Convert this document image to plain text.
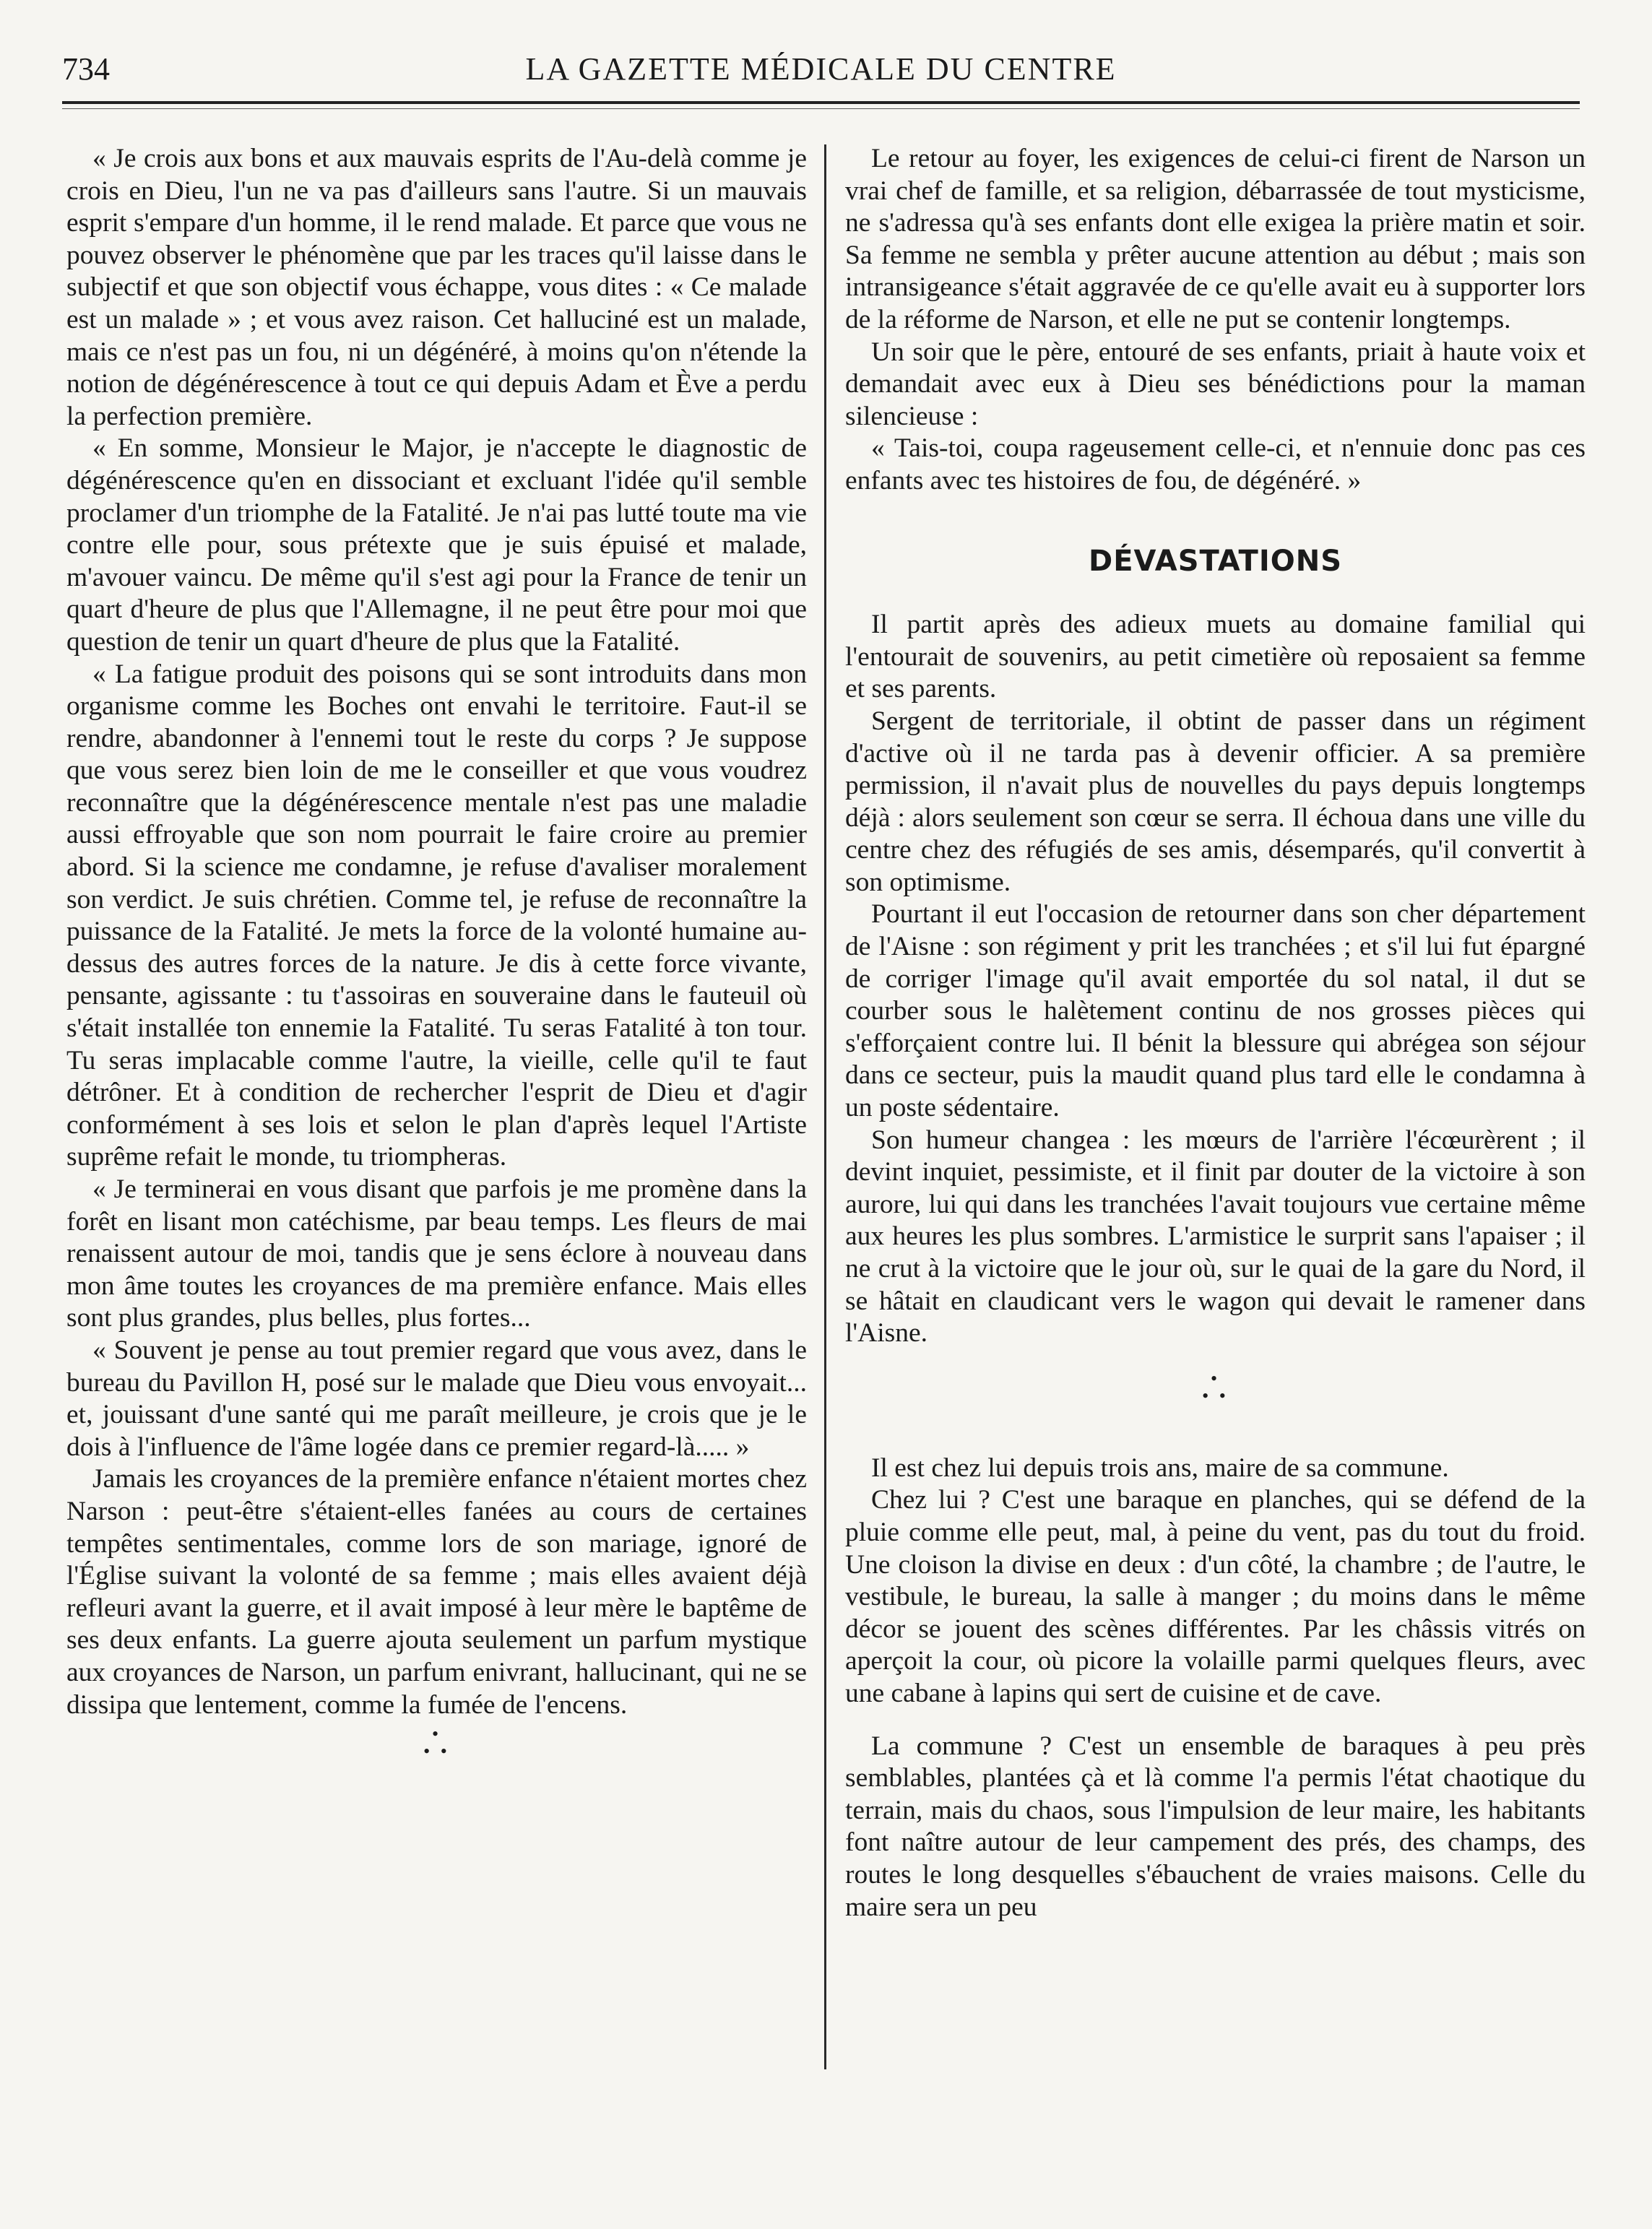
734	LA GAZETTE MÉDICALE DU CENTRE

« Je crois aux bons et aux mauvais esprits de l'Au-delà comme je crois en Dieu, l'un ne va pas d'ailleurs sans l'autre. Si un mauvais esprit s'empare d'un homme, il le rend malade. Et parce que vous ne pouvez observer le phénomène que par les traces qu'il laisse dans le subjectif et que son objectif vous échappe, vous dites : « Ce malade est un malade » ; et vous avez raison. Cet halluciné est un malade, mais ce n'est pas un fou, ni un dégénéré, à moins qu'on n'étende la notion de dégénérescence à tout ce qui depuis Adam et Ève a perdu la perfection première.

« En somme, Monsieur le Major, je n'accepte le diagnostic de dégénérescence qu'en en dissociant et excluant l'idée qu'il semble proclamer d'un triomphe de la Fatalité. Je n'ai pas lutté toute ma vie contre elle pour, sous prétexte que je suis épuisé et malade, m'avouer vaincu. De même qu'il s'est agi pour la France de tenir un quart d'heure de plus que l'Allemagne, il ne peut être pour moi que question de tenir un quart d'heure de plus que la Fatalité.

« La fatigue produit des poisons qui se sont introduits dans mon organisme comme les Boches ont envahi le territoire. Faut-il se rendre, abandonner à l'ennemi tout le reste du corps ? Je suppose que vous serez bien loin de me le conseiller et que vous voudrez reconnaître que la dégénérescence mentale n'est pas une maladie aussi effroyable que son nom pourrait le faire croire au premier abord. Si la science me condamne, je refuse d'avaliser moralement son verdict. Je suis chrétien. Comme tel, je refuse de reconnaître la puissance de la Fatalité. Je mets la force de la volonté humaine au-dessus des autres forces de la nature. Je dis à cette force vivante, pensante, agissante : tu t'assoiras en souveraine dans le fauteuil où s'était installée ton ennemie la Fatalité. Tu seras Fatalité à ton tour. Tu seras implacable comme l'autre, la vieille, celle qu'il te faut détrôner. Et à condition de rechercher l'esprit de Dieu et d'agir conformément à ses lois et selon le plan d'après lequel l'Artiste suprême refait le monde, tu triompheras.

« Je terminerai en vous disant que parfois je me promène dans la forêt en lisant mon catéchisme, par beau temps. Les fleurs de mai renaissent autour de moi, tandis que je sens éclore à nouveau dans mon âme toutes les croyances de ma première enfance. Mais elles sont plus grandes, plus belles, plus fortes...

« Souvent je pense au tout premier regard que vous avez, dans le bureau du Pavillon H, posé sur le malade que Dieu vous envoyait... et, jouissant d'une santé qui me paraît meilleure, je crois que je le dois à l'influence de l'âme logée dans ce premier regard-là..... »

Jamais les croyances de la première enfance n'étaient mortes chez Narson : peut-être s'étaient-elles fanées au cours de certaines tempêtes sentimentales, comme lors de son mariage, ignoré de l'Église suivant la volonté de sa femme ; mais elles avaient déjà refleuri avant la guerre, et il avait imposé à leur mère le baptême de ses deux enfants. La guerre ajouta seulement un parfum mystique aux croyances de Narson, un parfum enivrant, hallucinant, qui ne se dissipa que lentement, comme la fumée de l'encens.

•
• •

Le retour au foyer, les exigences de celui-ci firent de Narson un vrai chef de famille, et sa religion, débarrassée de tout mysticisme, ne s'adressa qu'à ses enfants dont elle exigea la prière matin et soir. Sa femme ne sembla y prêter aucune attention au début ; mais son intransigeance s'était aggravée de ce qu'elle avait eu à supporter lors de la réforme de Narson, et elle ne put se contenir longtemps.

Un soir que le père, entouré de ses enfants, priait à haute voix et demandait avec eux à Dieu ses bénédictions pour la maman silencieuse :

« Tais-toi, coupa rageusement celle-ci, et n'ennuie donc pas ces enfants avec tes histoires de fou, de dégénéré. »

DÉVASTATIONS

Il partit après des adieux muets au domaine familial qui l'entourait de souvenirs, au petit cimetière où reposaient sa femme et ses parents.

Sergent de territoriale, il obtint de passer dans un régiment d'active où il ne tarda pas à devenir officier. A sa première permission, il n'avait plus de nouvelles du pays depuis longtemps déjà : alors seulement son cœur se serra. Il échoua dans une ville du centre chez des réfugiés de ses amis, désemparés, qu'il convertit à son optimisme.

Pourtant il eut l'occasion de retourner dans son cher département de l'Aisne : son régiment y prit les tranchées ; et s'il lui fut épargné de corriger l'image qu'il avait emportée du sol natal, il dut se courber sous le halètement continu de nos grosses pièces qui s'efforçaient contre lui. Il bénit la blessure qui abrégea son séjour dans ce secteur, puis la maudit quand plus tard elle le condamna à un poste sédentaire.

Son humeur changea : les mœurs de l'arrière l'écœurèrent ; il devint inquiet, pessimiste, et il finit par douter de la victoire à son aurore, lui qui dans les tranchées l'avait toujours vue certaine même aux heures les plus sombres. L'armistice le surprit sans l'apaiser ; il ne crut à la victoire que le jour où, sur le quai de la gare du Nord, il se hâtait en claudicant vers le wagon qui devait le ramener dans l'Aisne.

•
• •

Il est chez lui depuis trois ans, maire de sa commune.

Chez lui ? C'est une baraque en planches, qui se défend de la pluie comme elle peut, mal, à peine du vent, pas du tout du froid. Une cloison la divise en deux : d'un côté, la chambre ; de l'autre, le vestibule, le bureau, la salle à manger ; du moins dans le même décor se jouent des scènes différentes. Par les châssis vitrés on aperçoit la cour, où picore la volaille parmi quelques fleurs, avec une cabane à lapins qui sert de cuisine et de cave.

La commune ? C'est un ensemble de baraques à peu près semblables, plantées çà et là comme l'a permis l'état chaotique du terrain, mais du chaos, sous l'impulsion de leur maire, les habitants font naître autour de leur campement des prés, des champs, des routes le long desquelles s'ébauchent de vraies maisons. Celle du maire sera un peu
